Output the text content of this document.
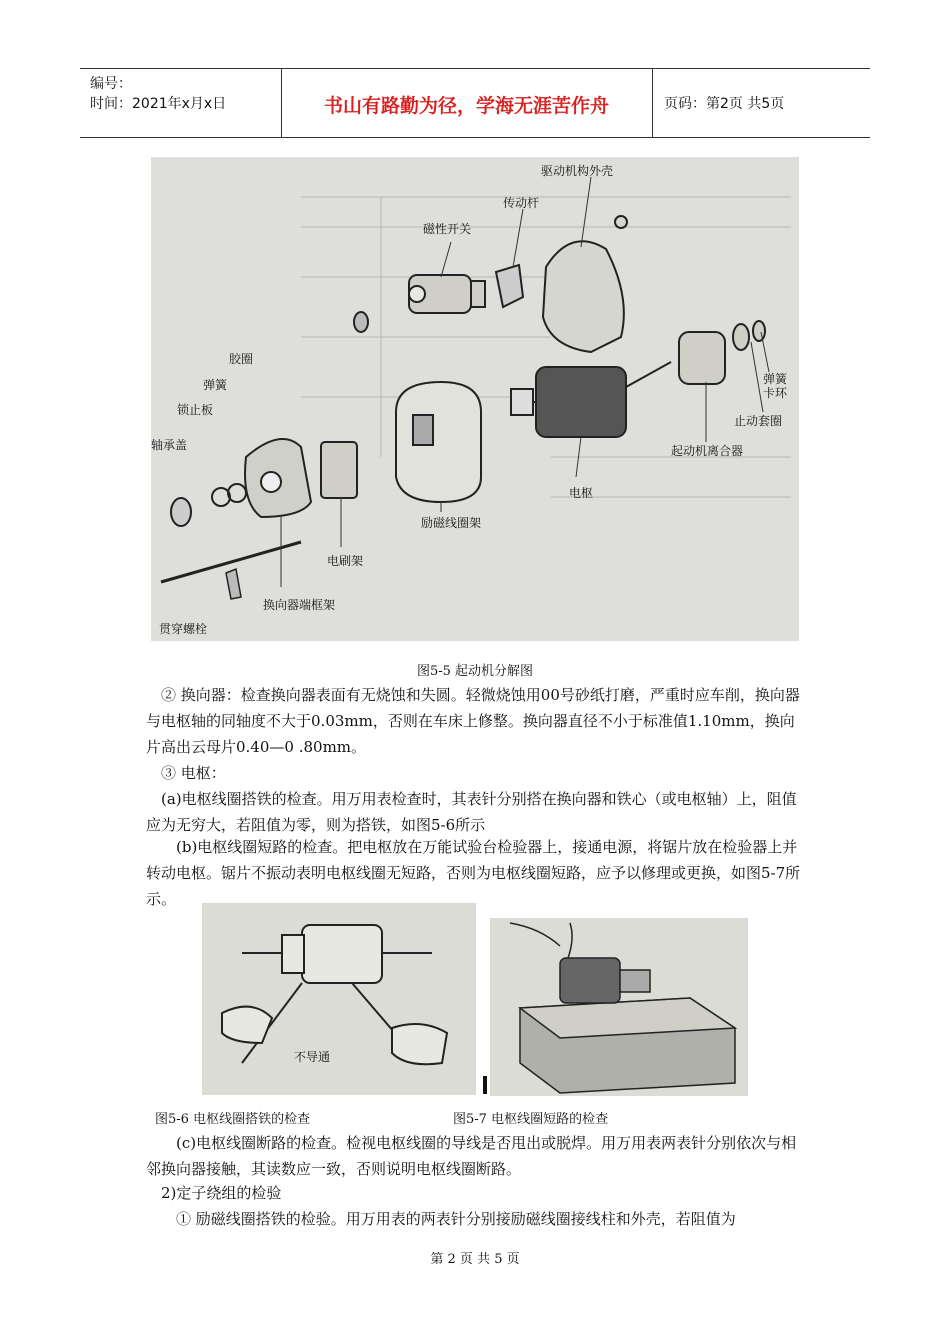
编号：
时间：2021年x月x日	书山有路勤为径，学海无涯苦作舟	页码：第2页 共5页
驱动机构外壳
传动杆
磁性开关
胶圈
弹簧
锁止板
轴承盖
弹簧卡环
止动套圈
起动机离合器
电枢
励磁线圈架
电刷架
换向器端框架
贯穿螺栓
图5-5 起动机分解图
② 换向器：检查换向器表面有无烧蚀和失圆。轻微烧蚀用00号砂纸打磨，严重时应车削，换向器与电枢轴的同轴度不大于0.03mm，否则在车床上修整。换向器直径不小于标准值1.10mm，换向片高出云母片0.40—0 .80mm。
③ 电枢：
(a)电枢线圈搭铁的检查。用万用表检查时，其表针分别搭在换向器和铁心（或电枢轴）上，阻值应为无穷大，若阻值为零，则为搭铁，如图5-6所示
(b)电枢线圈短路的检查。把电枢放在万能试验台检验器上，接通电源，将锯片放在检验器上并转动电枢。锯片不振动表明电枢线圈无短路，否则为电枢线圈短路，应予以修理或更换，如图5-7所示。
不导通
图5-6 电枢线圈搭铁的检查	图5-7 电枢线圈短路的检查
(c)电枢线圈断路的检查。检视电枢线圈的导线是否甩出或脱焊。用万用表两表针分别依次与相邻换向器接触，其读数应一致，否则说明电枢线圈断路。
2)定子绕组的检验
① 励磁线圈搭铁的检验。用万用表的两表针分别接励磁线圈接线柱和外壳，若阻值为
第 2 页 共 5 页
